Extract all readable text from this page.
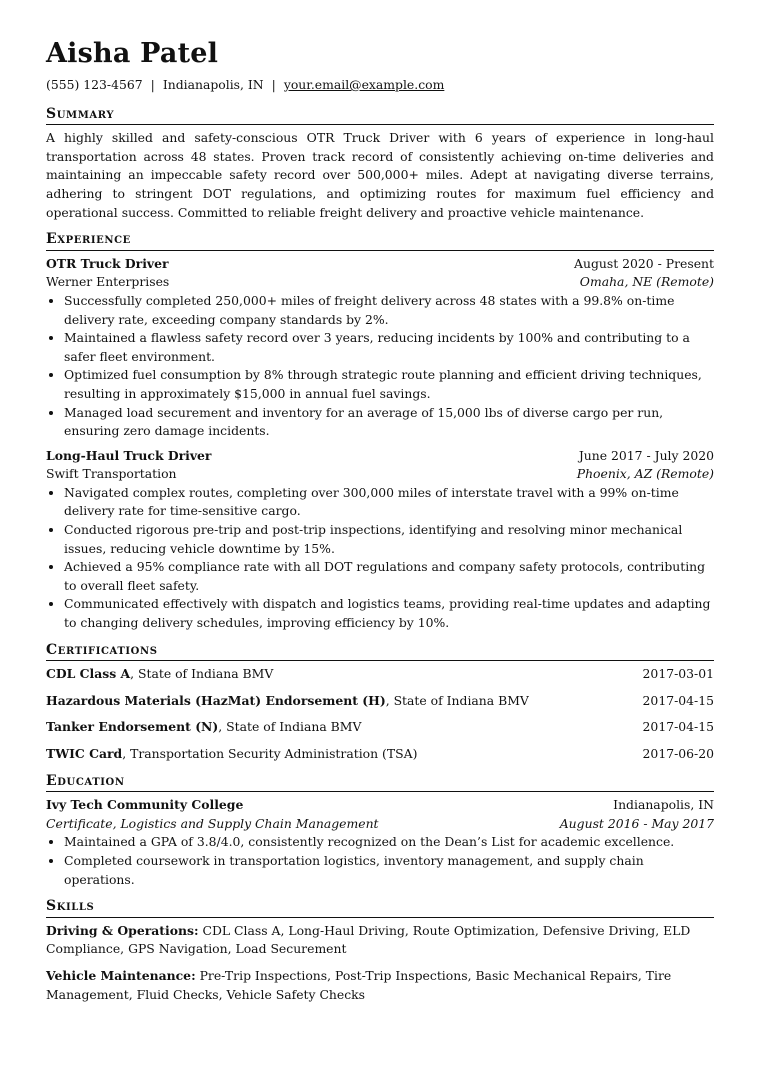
Aisha Patel
(555) 123-4567 | Indianapolis, IN | your.email@example.com
Summary

A highly skilled and safety-conscious OTR Truck Driver with 6 years of experience in long-haul transportation across 48 states. Proven track record of consistently achieving on-time deliveries and maintaining an impeccable safety record over 500,000+ miles. Adept at navigating diverse terrains, adhering to stringent DOT regulations, and optimizing routes for maximum fuel efficiency and operational success. Committed to reliable freight delivery and proactive vehicle maintenance.

Experience
OTR Truck Driver	August 2020 - Present
Werner Enterprises	Omaha, NE (Remote)
• Successfully completed 250,000+ miles of freight delivery across 48 states with a 99.8% on-time delivery rate, exceeding company standards by 2%.
• Maintained a flawless safety record over 3 years, reducing incidents by 100% and contributing to a safer fleet environment.
• Optimized fuel consumption by 8% through strategic route planning and efficient driving techniques, resulting in approximately $15,000 in annual fuel savings.
• Managed load securement and inventory for an average of 15,000 lbs of diverse cargo per run, ensuring zero damage incidents.
Long-Haul Truck Driver	June 2017 - July 2020
Swift Transportation	Phoenix, AZ (Remote)
• Navigated complex routes, completing over 300,000 miles of interstate travel with a 99% on-time delivery rate for time-sensitive cargo.
• Conducted rigorous pre-trip and post-trip inspections, identifying and resolving minor mechanical issues, reducing vehicle downtime by 15%.
• Achieved a 95% compliance rate with all DOT regulations and company safety protocols, contributing to overall fleet safety.
• Communicated effectively with dispatch and logistics teams, providing real-time updates and adapting to changing delivery schedules, improving efficiency by 10%.
Certifications
CDL Class A, State of Indiana BMV	2017-03-01
Hazardous Materials (HazMat) Endorsement (H), State of Indiana BMV	2017-04-15
Tanker Endorsement (N), State of Indiana BMV	2017-04-15
TWIC Card, Transportation Security Administration (TSA)	2017-06-20
Education
Ivy Tech Community College	Indianapolis, IN
Certificate, Logistics and Supply Chain Management	August 2016 - May 2017
• Maintained a GPA of 3.8/4.0, consistently recognized on the Dean’s List for academic excellence.
• Completed coursework in transportation logistics, inventory management, and supply chain operations.
Skills

Driving & Operations: CDL Class A, Long-Haul Driving, Route Optimization, Defensive Driving, ELD Compliance, GPS Navigation, Load Securement

Vehicle Maintenance: Pre-Trip Inspections, Post-Trip Inspections, Basic Mechanical Repairs, Tire Management, Fluid Checks, Vehicle Safety Checks
